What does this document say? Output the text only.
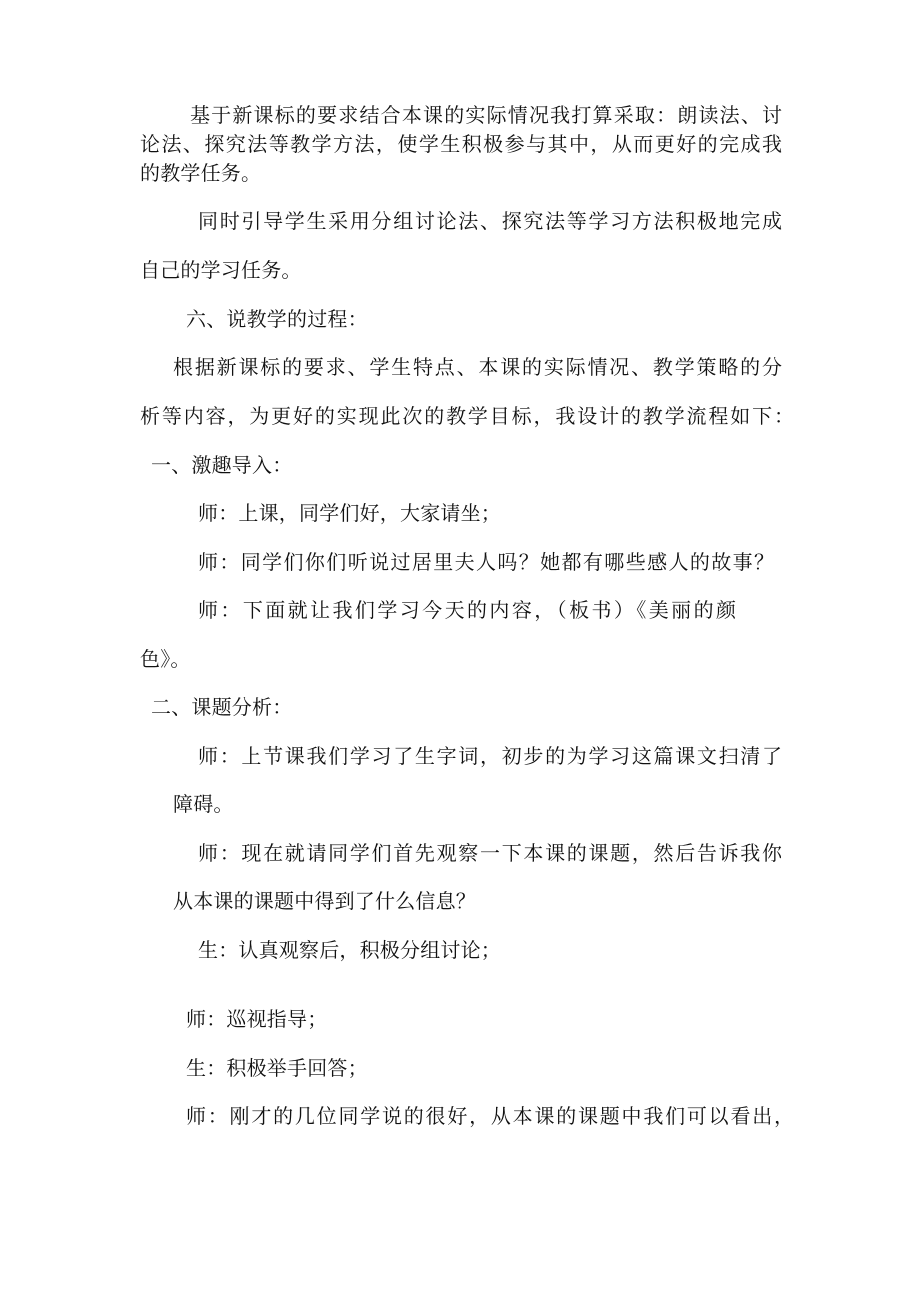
基于新课标的要求结合本课的实际情况我打算采取：朗读法、讨

论法、探究法等教学方法，使学生积极参与其中，从而更好的完成我

的教学任务。

同时引导学生采用分组讨论法、探究法等学习方法积极地完成

自己的学习任务。

六、说教学的过程：

根据新课标的要求、学生特点、本课的实际情况、教学策略的分

析等内容，为更好的实现此次的教学目标，我设计的教学流程如下：

一、激趣导入：

师：上课，同学们好，大家请坐；

师：同学们你们听说过居里夫人吗？她都有哪些感人的故事？

师：下面就让我们学习今天的内容，（板书）《美丽的颜

色》。

二、课题分析：

师：上节课我们学习了生字词，初步的为学习这篇课文扫清了

障碍。

师：现在就请同学们首先观察一下本课的课题，然后告诉我你

从本课的课题中得到了什么信息？

生：认真观察后，积极分组讨论；

师：巡视指导；

生：积极举手回答；

师：刚才的几位同学说的很好，从本课的课题中我们可以看出，
